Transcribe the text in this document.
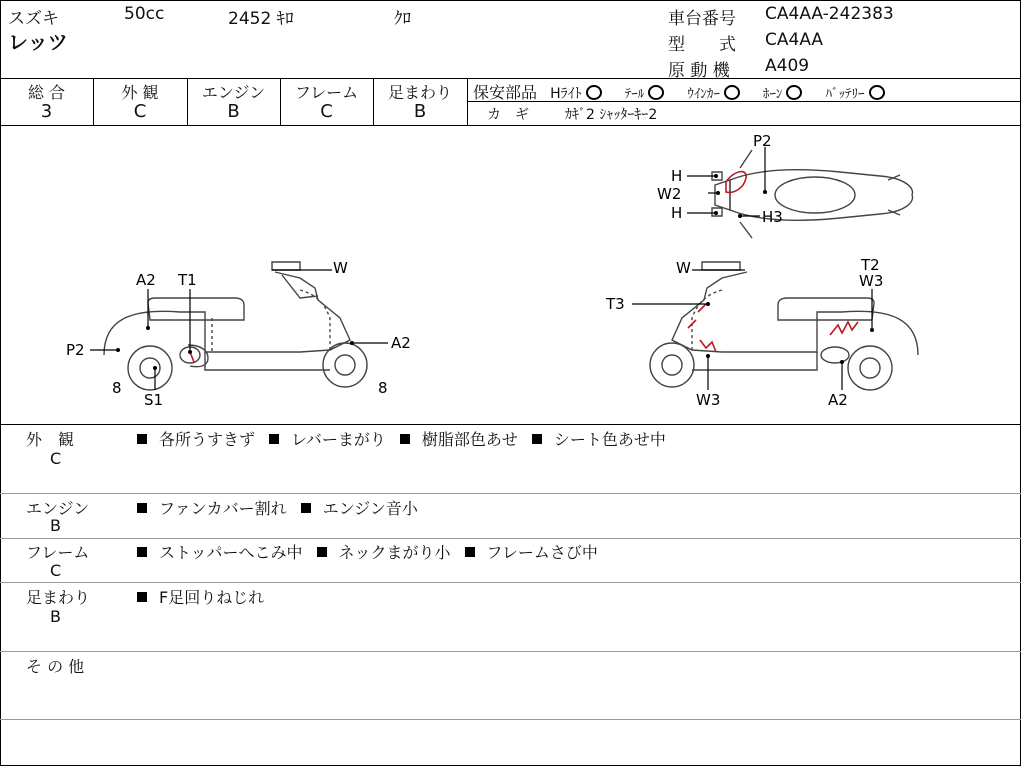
スズキ	50cc	2452 ｷﾛ	ｸﾛ
レッツ
車台番号 CA4AA-242383
型　　式 CA4AA
原 動 機 A409
総 合
3
外 観
C
エンジン
B
フレーム
C
足まわり
B
保安部品 Hﾗｲﾄ	ﾃｰﾙ	ｳｲﾝｶｰ	ﾎｰﾝ	ﾊﾞｯﾃﾘｰ
カ　ギ	ｶｷﾞ2 ｼｬｯﾀｰｷｰ2
A2 T1
W
P2	A2
8
S1
8
P2
H
W2
H	H3
W	T2
W3
T3
W3	A2
外　観
C
各所うすきず レバーまがり 樹脂部色あせ シート色あせ中
エンジン
B
ファンカバー割れ エンジン音小
フレーム
C
ストッパーへこみ中 ネックまがり小 フレームさび中
足まわり
B
F足回りねじれ
そ の 他
